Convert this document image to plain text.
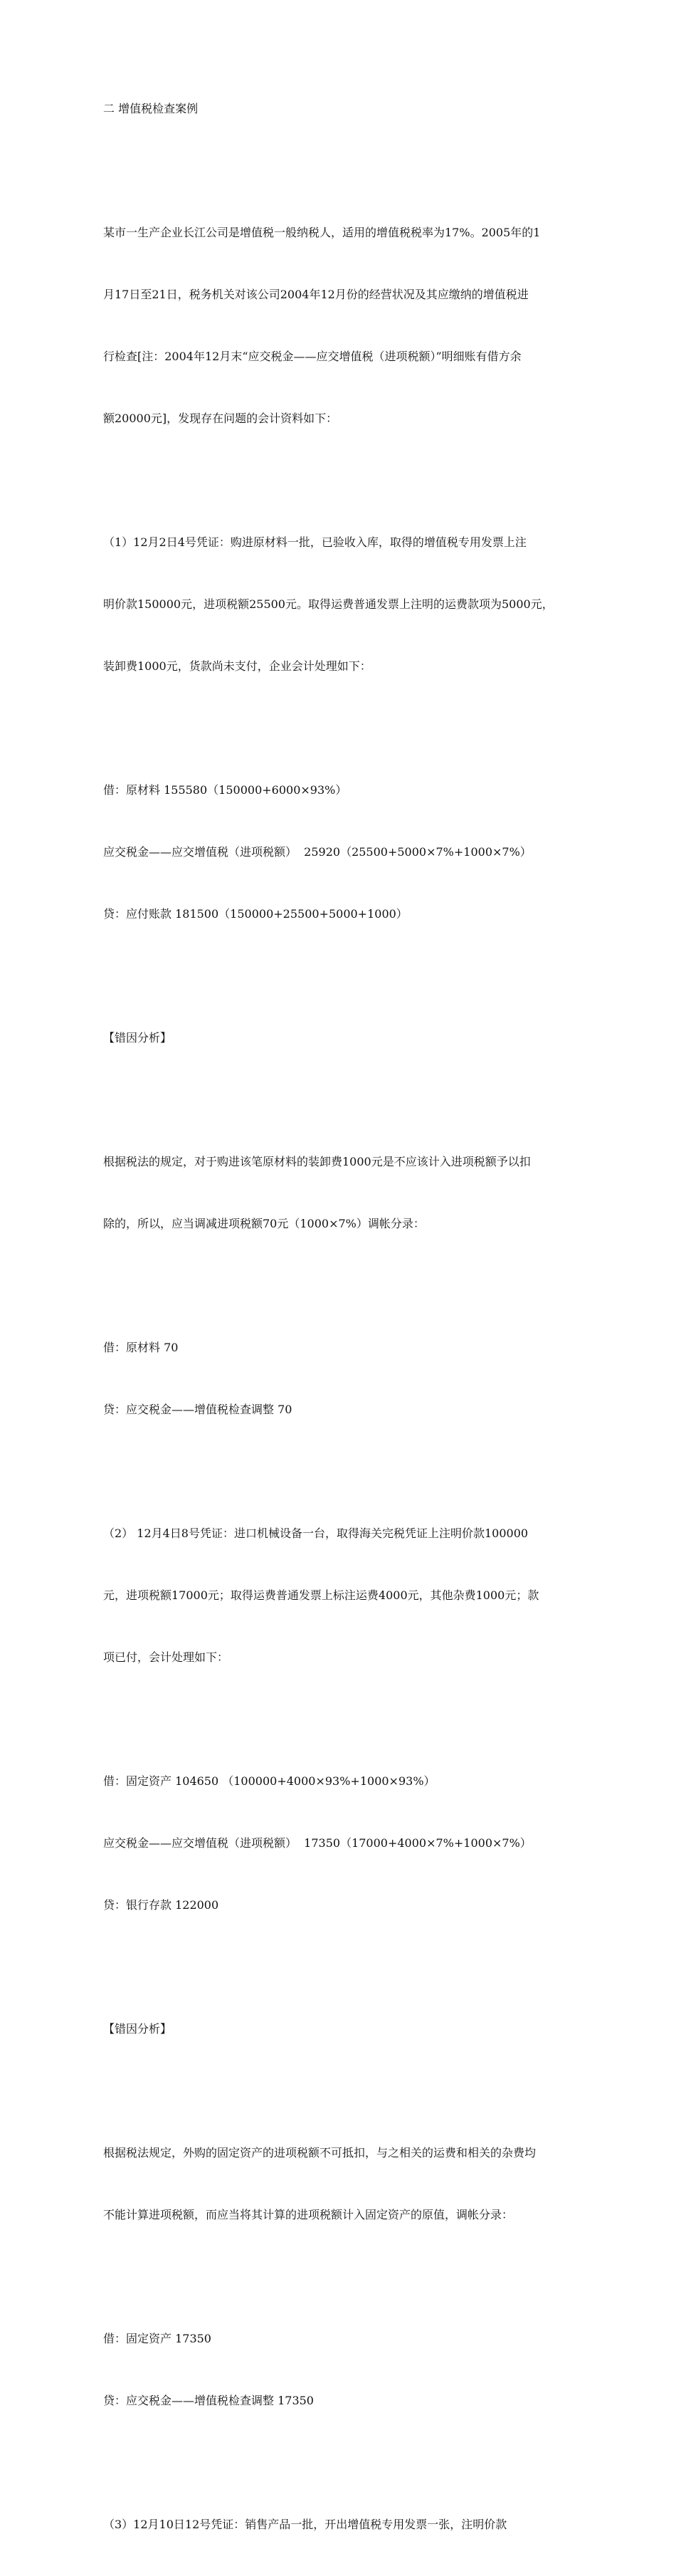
二 增值税检查案例

某市一生产企业长江公司是增值税一般纳税人，适用的增值税税率为17%。2005年的1

月17日至21日，税务机关对该公司2004年12月份的经营状况及其应缴纳的增值税进

行检查[注：2004年12月末“应交税金——应交增值税（进项税额）”明细账有借方余

额20000元]，发现存在问题的会计资料如下：

（1）12月2日4号凭证：购进原材料一批，已验收入库，取得的增值税专用发票上注

明价款150000元，进项税额25500元。取得运费普通发票上注明的运费款项为5000元，

装卸费1000元，货款尚未支付，企业会计处理如下：

借：原材料 155580（150000+6000×93%）

应交税金——应交增值税（进项税额）  25920（25500+5000×7%+1000×7%）

贷：应付账款 181500（150000+25500+5000+1000）

【错因分析】

根据税法的规定，对于购进该笔原材料的装卸费1000元是不应该计入进项税额予以扣

除的，所以，应当调减进项税额70元（1000×7%）调帐分录：

借：原材料 70

贷：应交税金——增值税检查调整 70

（2） 12月4日8号凭证：进口机械设备一台，取得海关完税凭证上注明价款100000

元，进项税额17000元；取得运费普通发票上标注运费4000元，其他杂费1000元；款

项已付，会计处理如下：

借：固定资产 104650 （100000+4000×93%+1000×93%）

应交税金——应交增值税（进项税额）  17350（17000+4000×7%+1000×7%）

贷：银行存款 122000

【错因分析】

根据税法规定，外购的固定资产的进项税额不可抵扣，与之相关的运费和相关的杂费均

不能计算进项税额，而应当将其计算的进项税额计入固定资产的原值，调帐分录：

借：固定资产 17350

贷：应交税金——增值税检查调整 17350

（3）12月10日12号凭证：销售产品一批，开出增值税专用发票一张，注明价款
